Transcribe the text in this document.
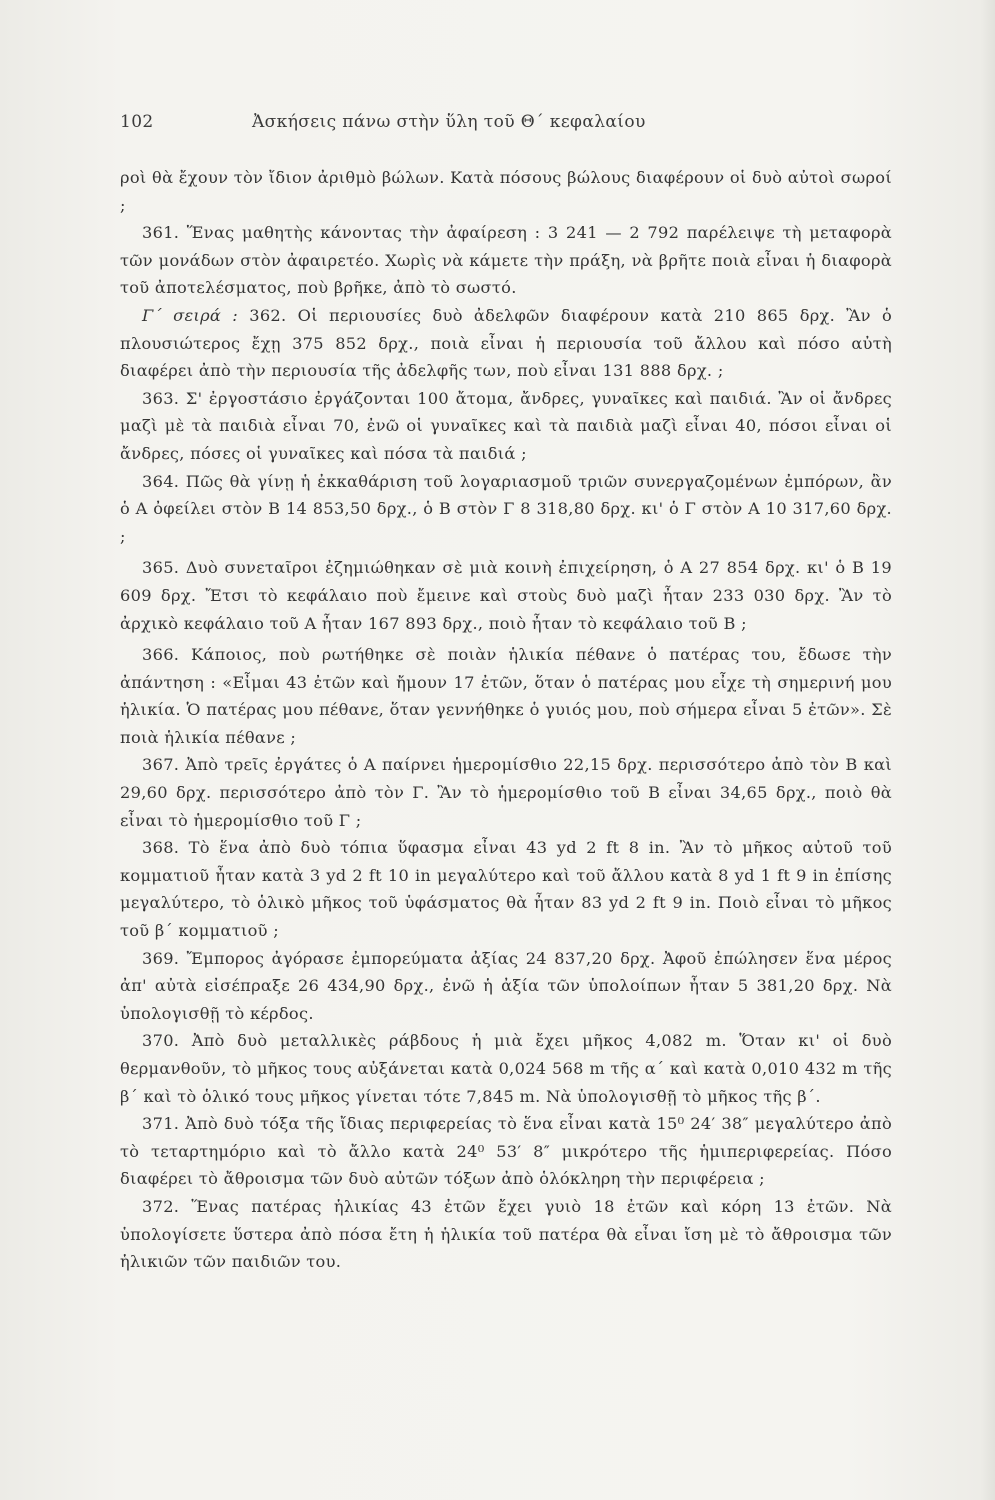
102	Ἀσκήσεις πάνω στὴν ὕλη τοῦ Θ΄ κεφαλαίου

ροὶ θὰ ἔχουν τὸν ἴδιον ἀριθμὸ βώλων. Κατὰ πόσους βώλους διαφέρουν οἱ δυὸ αὐτοὶ σωροί ;

361. Ἕνας μαθητὴς κάνοντας τὴν ἀφαίρεση : 3 241 — 2 792 παρέλειψε τὴ μεταφορὰ τῶν μονάδων στὸν ἀφαιρετέο. Χωρὶς νὰ κάμετε τὴν πράξη, νὰ βρῆτε ποιὰ εἶναι ἡ διαφορὰ τοῦ ἀποτελέσματος, ποὺ βρῆκε, ἀπὸ τὸ σωστό.

Γ΄ σειρά : 362. Οἱ περιουσίες δυὸ ἀδελφῶν διαφέρουν κατὰ 210 865 δρχ. Ἂν ὁ πλουσιώτερος ἔχῃ 375 852 δρχ., ποιὰ εἶναι ἡ περιουσία τοῦ ἄλλου καὶ πόσο αὐτὴ διαφέρει ἀπὸ τὴν περιουσία τῆς ἀδελφῆς των, ποὺ εἶναι 131 888 δρχ. ;

363. Σ' ἐργοστάσιο ἐργάζονται 100 ἄτομα, ἄνδρες, γυναῖκες καὶ παιδιά. Ἂν οἱ ἄνδρες μαζὶ μὲ τὰ παιδιὰ εἶναι 70, ἐνῶ οἱ γυναῖκες καὶ τὰ παιδιὰ μαζὶ εἶναι 40, πόσοι εἶναι οἱ ἄνδρες, πόσες οἱ γυναῖκες καὶ πόσα τὰ παιδιά ;

364. Πῶς θὰ γίνῃ ἡ ἐκκαθάριση τοῦ λογαριασμοῦ τριῶν συνεργαζομένων ἐμπόρων, ἂν ὁ Α ὀφείλει στὸν Β 14 853,50 δρχ., ὁ Β στὸν Γ 8 318,80 δρχ. κι' ὁ Γ στὸν Α 10 317,60 δρχ. ;

365. Δυὸ συνεταῖροι ἐζημιώθηκαν σὲ μιὰ κοινὴ ἐπιχείρηση, ὁ Α 27 854 δρχ. κι' ὁ Β 19 609 δρχ. Ἔτσι τὸ κεφάλαιο ποὺ ἔμεινε καὶ στοὺς δυὸ μαζὶ ἦταν 233 030 δρχ. Ἂν τὸ ἀρχικὸ κεφάλαιο τοῦ Α ἦταν 167 893 δρχ., ποιὸ ἦταν τὸ κεφάλαιο τοῦ Β ;

366. Κάποιος, ποὺ ρωτήθηκε σὲ ποιὰν ἡλικία πέθανε ὁ πατέρας του, ἔδωσε τὴν ἀπάντηση : «Εἶμαι 43 ἐτῶν καὶ ἤμουν 17 ἐτῶν, ὅταν ὁ πατέρας μου εἶχε τὴ σημερινή μου ἡλικία. Ὁ πατέρας μου πέθανε, ὅταν γεννήθηκε ὁ γυιός μου, ποὺ σήμερα εἶναι 5 ἐτῶν». Σὲ ποιὰ ἡλικία πέθανε ;

367. Ἀπὸ τρεῖς ἐργάτες ὁ Α παίρνει ἡμερομίσθιο 22,15 δρχ. περισσότερο ἀπὸ τὸν Β καὶ 29,60 δρχ. περισσότερο ἀπὸ τὸν Γ. Ἂν τὸ ἡμερομίσθιο τοῦ Β εἶναι 34,65 δρχ., ποιὸ θὰ εἶναι τὸ ἡμερομίσθιο τοῦ Γ ;

368. Τὸ ἕνα ἀπὸ δυὸ τόπια ὕφασμα εἶναι 43 yd 2 ft 8 in. Ἂν τὸ μῆκος αὐτοῦ τοῦ κομματιοῦ ἦταν κατὰ 3 yd 2 ft 10 in μεγαλύτερο καὶ τοῦ ἄλλου κατὰ 8 yd 1 ft 9 in ἐπίσης μεγαλύτερο, τὸ ὁλικὸ μῆκος τοῦ ὑφάσματος θὰ ἦταν 83 yd 2 ft 9 in. Ποιὸ εἶναι τὸ μῆκος τοῦ β΄ κομματιοῦ ;

369. Ἔμπορος ἀγόρασε ἐμπορεύματα ἀξίας 24 837,20 δρχ. Ἀφοῦ ἐπώλησεν ἕνα μέρος ἀπ' αὐτὰ εἰσέπραξε 26 434,90 δρχ., ἐνῶ ἡ ἀξία τῶν ὑπολοίπων ἦταν 5 381,20 δρχ. Νὰ ὑπολογισθῇ τὸ κέρδος.

370. Ἀπὸ δυὸ μεταλλικὲς ράβδους ἡ μιὰ ἔχει μῆκος 4,082 m. Ὅταν κι' οἱ δυὸ θερμανθοῦν, τὸ μῆκος τους αὐξάνεται κατὰ 0,024 568 m τῆς α΄ καὶ κατὰ 0,010 432 m τῆς β΄ καὶ τὸ ὁλικό τους μῆκος γίνεται τότε 7,845 m. Νὰ ὑπολογισθῇ τὸ μῆκος τῆς β΄.

371. Ἀπὸ δυὸ τόξα τῆς ἴδιας περιφερείας τὸ ἕνα εἶναι κατὰ 15⁰ 24′ 38″ μεγαλύτερο ἀπὸ τὸ τεταρτημόριο καὶ τὸ ἄλλο κατὰ 24⁰ 53′ 8″ μικρότερο τῆς ἡμιπεριφερείας. Πόσο διαφέρει τὸ ἄθροισμα τῶν δυὸ αὐτῶν τόξων ἀπὸ ὁλόκληρη τὴν περιφέρεια ;

372. Ἕνας πατέρας ἡλικίας 43 ἐτῶν ἔχει γυιὸ 18 ἐτῶν καὶ κόρη 13 ἐτῶν. Νὰ ὑπολογίσετε ὕστερα ἀπὸ πόσα ἔτη ἡ ἡλικία τοῦ πατέρα θὰ εἶναι ἴση μὲ τὸ ἄθροισμα τῶν ἡλικιῶν τῶν παιδιῶν του.
